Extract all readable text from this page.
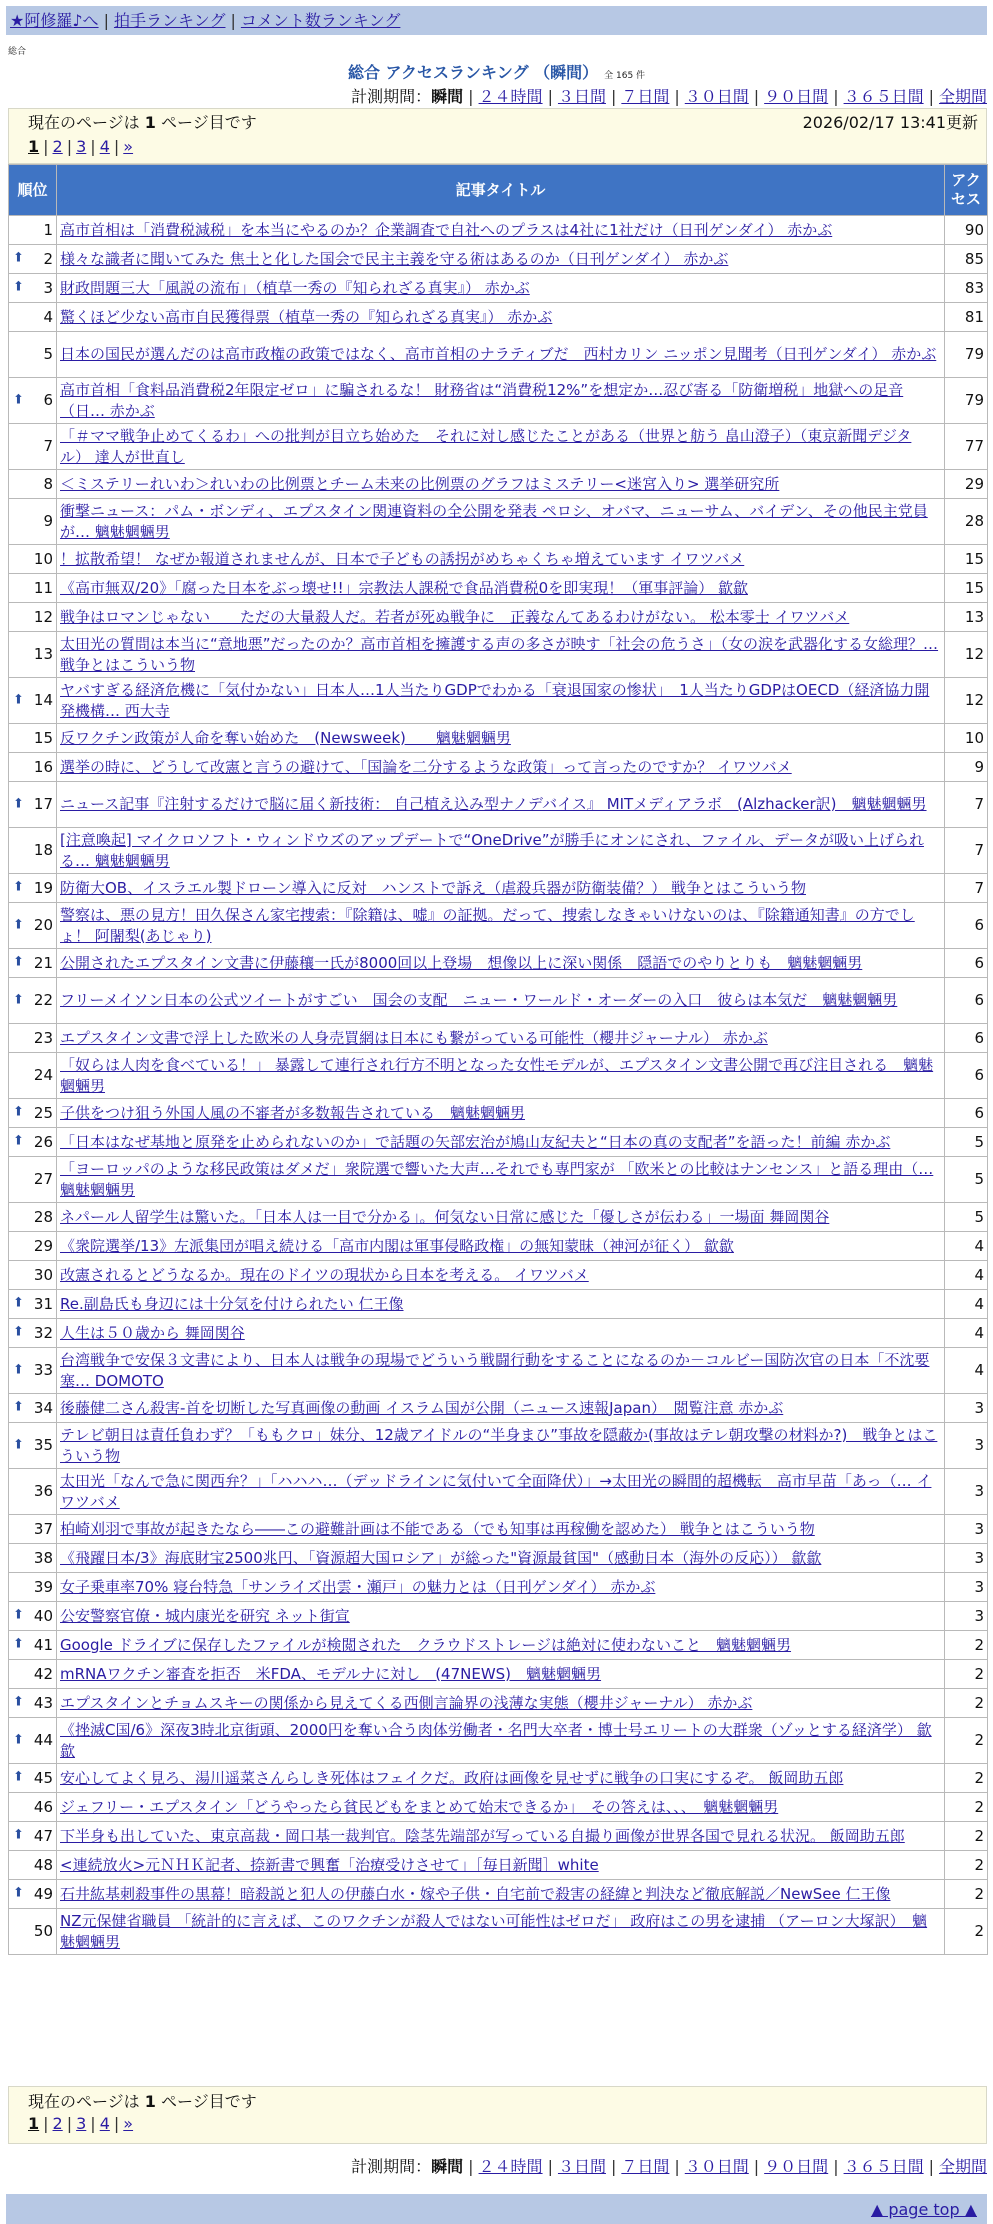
★阿修羅♪へ | 拍手ランキング | コメント数ランキング
総合
総合 アクセスランキング （瞬間） 全 165 件
計測期間：瞬間 | ２４時間 | ３日間 | ７日間 | ３０日間 | ９０日間 | ３６５日間 | 全期間
現在のページは 1 ページ目です	2026/02/17 13:41更新
1 | 2 | 3 | 4 | »
順位	記事タイトル	アクセス
1	高市首相は「消費税減税」を本当にやるのか？企業調査で自社へのプラスは4社に1社だけ（日刊ゲンダイ） 赤かぶ	90

⬆ 2	様々な識者に聞いてみた 焦土と化した国会で民主主義を守る術はあるのか（日刊ゲンダイ） 赤かぶ	85

⬆ 3	財政問題三大「風説の流布」（植草一秀の『知られざる真実』） 赤かぶ	83
4	驚くほど少ない高市自民獲得票（植草一秀の『知られざる真実』） 赤かぶ	81
5	日本の国民が選んだのは高市政権の政策ではなく、高市首相のナラティブだ　西村カリン ニッポン見聞考（日刊ゲンダイ） 赤かぶ	79

⬆ 6	高市首相「食料品消費税2年限定ゼロ」に騙されるな！ 財務省は“消費税12%”を想定か…忍び寄る「防衛増税」地獄への足音（日… 赤かぶ	79
7	「＃ママ戦争止めてくるわ」への批判が目立ち始めた　それに対し感じたことがある（世界と舫う 畠山澄子）（東京新聞デジタル） 達人が世直し	77
8	＜ミステリーれいわ＞れいわの比例票とチーム未来の比例票のグラフはミステリー<迷宮入り> 選挙研究所	29
9	衝撃ニュース：パム・ボンディ、エプスタイン関連資料の全公開を発表 ペロシ、オバマ、ニューサム、バイデン、その他民主党員が… 魑魅魍魎男	28
10	！拡散希望！ なぜか報道されませんが、日本で子どもの誘拐がめちゃくちゃ増えています イワツバメ	15
11	《高市無双/20》「腐った日本をぶっ壊せ!!」宗教法人課税で食品消費税0を即実現！（軍事評論） 歙歙	15
12	戦争はロマンじゃない　　ただの大量殺人だ。若者が死ぬ戦争に　正義なんてあるわけがない。 松本零士 イワツバメ	13
13	太田光の質問は本当に“意地悪”だったのか？高市首相を擁護する声の多さが映す「社会の危うさ」（女の涙を武器化する女総理？… 戦争とはこういう物	12

⬆ 14	ヤバすぎる経済危機に「気付かない」日本人…1人当たりGDPでわかる「衰退国家の惨状」　1人当たりGDPはOECD（経済協力開発機構… 西大寺	12
15	反ワクチン政策が人命を奪い始めた　(Newsweek)　　魑魅魍魎男	10
16	選挙の時に、どうして改憲と言うの避けて、「国論を二分するような政策」って言ったのですか？ イワツバメ	9

⬆ 17	ニュース記事『注射するだけで脳に届く新技術： 自己植え込み型ナノデバイス』 MITメディアラボ　(Alzhacker訳)　魑魅魍魎男	7
18	[注意喚起] マイクロソフト・ウィンドウズのアップデートで“OneDrive”が勝手にオンにされ、ファイル、データが吸い上げられる… 魑魅魍魎男	7

⬆ 19	防衛大OB、イスラエル製ドローン導入に反対　ハンストで訴え（虐殺兵器が防衛装備？） 戦争とはこういう物	7

⬆ 20	警察は、悪の見方！田久保さん家宅捜索：『除籍は、嘘』の証拠。だって、捜索しなきゃいけないのは、『除籍通知書』の方でしょ！ 阿闍梨(あじゃり)	6

⬆ 21	公開されたエプスタイン文書に伊藤穰一氏が8000回以上登場　想像以上に深い関係　隠語でのやりとりも　魑魅魍魎男	6

⬆ 22	フリーメイソン日本の公式ツイートがすごい　国会の支配　ニュー・ワールド・オーダーの入口　彼らは本気だ　魑魅魍魎男	6
23	エプスタイン文書で浮上した欧米の人身売買網は日本にも繋がっている可能性（櫻井ジャーナル） 赤かぶ	6
24	「奴らは人肉を食べている！」 暴露して連行され行方不明となった女性モデルが、エプスタイン文書公開で再び注目される　魑魅魍魎男	6

⬆ 25	子供をつけ狙う外国人風の不審者が多数報告されている　魑魅魍魎男	6

⬆ 26	「日本はなぜ基地と原発を止められないのか」で話題の矢部宏治が鳩山友紀夫と“日本の真の支配者”を語った！前編 赤かぶ	5
27	「ヨーロッパのような移民政策はダメだ」衆院選で響いた大声…それでも専門家が 「欧米との比較はナンセンス」と語る理由（… 魑魅魍魎男	5
28	ネパール人留学生は驚いた。「日本人は一目で分かる」。何気ない日常に感じた「優しさが伝わる」一場面 舞岡関谷	5
29	《衆院選挙/13》左派集団が唱え続ける「高市内閣は軍事侵略政権」の無知蒙昧（神河が征く） 歙歙	4
30	改憲されるとどうなるか。現在のドイツの現状から日本を考える。 イワツバメ	4

⬆ 31	Re.副島氏も身辺には十分気を付けられたい 仁王像	4

⬆ 32	人生は５０歳から 舞岡関谷	4

⬆ 33	台湾戦争で安保３文書により、日本人は戦争の現場でどういう戦闘行動をすることになるのか－コルビー国防次官の日本「不沈要塞… DOMOTO	4

⬆ 34	後藤健二さん殺害-首を切断した写真画像の動画 イスラム国が公開（ニュース速報Japan）　閲覧注意 赤かぶ	3

⬆ 35	テレビ朝日は責任負わず？「ももクロ」妹分、12歳アイドルの“半身まひ”事故を隠蔽か(事故はテレ朝攻撃の材料か?)　戦争とはこういう物	3
36	太田光「なんで急に関西弁？」「ハハハ…（デッドラインに気付いて全面降伏）」→太田光の瞬間的超機転　高市早苗「あっ（… イワツバメ	3
37	柏崎刈羽で事故が起きたなら――この避難計画は不能である（でも知事は再稼働を認めた） 戦争とはこういう物	3
38	《飛躍日本/3》海底財宝2500兆円、「資源超大国ロシア」が総った"資源最貧国"（感動日本（海外の反応）） 歙歙	3
39	女子乗車率70% 寝台特急「サンライズ出雲・瀬戸」の魅力とは（日刊ゲンダイ） 赤かぶ	3

⬆ 40	公安警察官僚・城内康光を研究 ネット街宣	3

⬆ 41	Google ドライブに保存したファイルが検閲された　クラウドストレージは絶対に使わないこと　魑魅魍魎男	2
42	mRNAワクチン審査を拒否　米FDA、モデルナに対し　(47NEWS)　魑魅魍魎男	2

⬆ 43	エプスタインとチョムスキーの関係から見えてくる西側言論界の浅薄な実態（櫻井ジャーナル） 赤かぶ	2

⬆ 44	《挫滅C国/6》深夜3時北京街頭、2000円を奪い合う肉体労働者・名門大卒者・博士号エリートの大群衆（ゾッとする経済学） 歙歙	2

⬆ 45	安心してよく見ろ、湯川遥菜さんらしき死体はフェイクだ。政府は画像を見せずに戦争の口実にするぞ。 飯岡助五郎	2
46	ジェフリー・エプスタイン「どうやったら貧民どもをまとめて始末できるか」　その答えは、、、　魑魅魍魎男	2

⬆ 47	下半身も出していた、東京高裁・岡口基一裁判官。陰茎先端部が写っている自撮り画像が世界各国で見れる状況。 飯岡助五郎	2
48	<連続放火>元ＮＨＫ記者、捺新書で興奮「治療受けさせて」［毎日新聞］white	2

⬆ 49	石井紘基刺殺事件の黒幕！暗殺説と犯人の伊藤白水・嫁や子供・自宅前で殺害の経緯と判決など徹底解説／NewSee 仁王像	2
50	NZ元保健省職員 「統計的に言えば、このワクチンが殺人ではない可能性はゼロだ」 政府はこの男を逮捕 （アーロン大塚訳）　魑魅魍魎男	2
現在のページは 1 ページ目です
1 | 2 | 3 | 4 | »
計測期間：瞬間 | ２４時間 | ３日間 | ７日間 | ３０日間 | ９０日間 | ３６５日間 | 全期間
▲ page top ▲
